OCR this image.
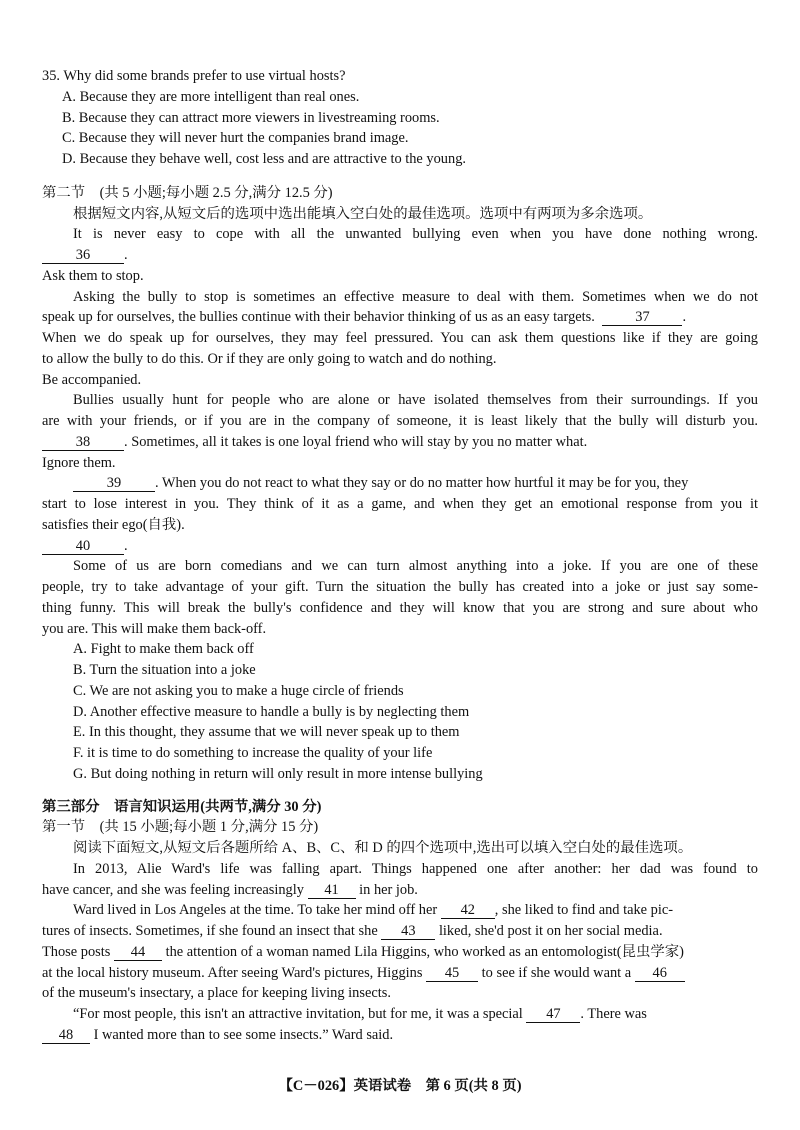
35. Why did some brands prefer to use virtual hosts?
A. Because they are more intelligent than real ones.
B. Because they can attract more viewers in livestreaming rooms.
C. Because they will never hurt the companies brand image.
D. Because they behave well, cost less and are attractive to the young.
第二节　(共 5 小题;每小题 2.5 分,满分 12.5 分)
根据短文内容,从短文后的选项中选出能填入空白处的最佳选项。选项中有两项为多余选项。
It is never easy to cope with all the unwanted bullying even when you have done nothing wrong.
36 .
Ask them to stop.
Asking the bully to stop is sometimes an effective measure to deal with them. Sometimes when we do not
speak up for ourselves, the bullies continue with their behavior thinking of us as an easy targets.	37 .
When we do speak up for ourselves, they may feel pressured. You can ask them questions like if they are going
to allow the bully to do this. Or if they are only going to watch and do nothing.
Be accompanied.
Bullies usually hunt for people who are alone or have isolated themselves from their surroundings. If you
are with your friends, or if you are in the company of someone, it is least likely that the bully will disturb you.
38 . Sometimes, all it takes is one loyal friend who will stay by you no matter what.
Ignore them.
39 . When you do not react to what they say or do no matter how hurtful it may be for you, they
start to lose interest in you. They think of it as a game, and when they get an emotional response from you it
satisfies their ego(自我).
40 .
Some of us are born comedians and we can turn almost anything into a joke. If you are one of these
people, try to take advantage of your gift. Turn the situation the bully has created into a joke or just say some-
thing funny. This will break the bully's confidence and they will know that you are strong and sure about who
you are. This will make them back-off.
A. Fight to make them back off
B. Turn the situation into a joke
C. We are not asking you to make a huge circle of friends
D. Another effective measure to handle a bully is by neglecting them
E. In this thought, they assume that we will never speak up to them
F. it is time to do something to increase the quality of your life
G. But doing nothing in return will only result in more intense bullying
第三部分　语言知识运用(共两节,满分 30 分)
第一节　(共 15 小题;每小题 1 分,满分 15 分)
阅读下面短文,从短文后各题所给 A、B、C、和 D 的四个选项中,选出可以填入空白处的最佳选项。
In 2013, Alie Ward's life was falling apart. Things happened one after another: her dad was found to
have cancer, and she was feeling increasingly 41 in her job.
Ward lived in Los Angeles at the time. To take her mind off her 42 , she liked to find and take pic-
tures of insects. Sometimes, if she found an insect that she 43 liked, she'd post it on her social media.
Those posts 44 the attention of a woman named Lila Higgins, who worked as an entomologist(昆虫学家)
at the local history museum. After seeing Ward's pictures, Higgins 45 to see if she would want a 46
of the museum's insectary, a place for keeping living insects.
“For most people, this isn't an attractive invitation, but for me, it was a special 47 . There was
48 I wanted more than to see some insects.” Ward said.
【C－026】英语试卷　第 6 页(共 8 页)
